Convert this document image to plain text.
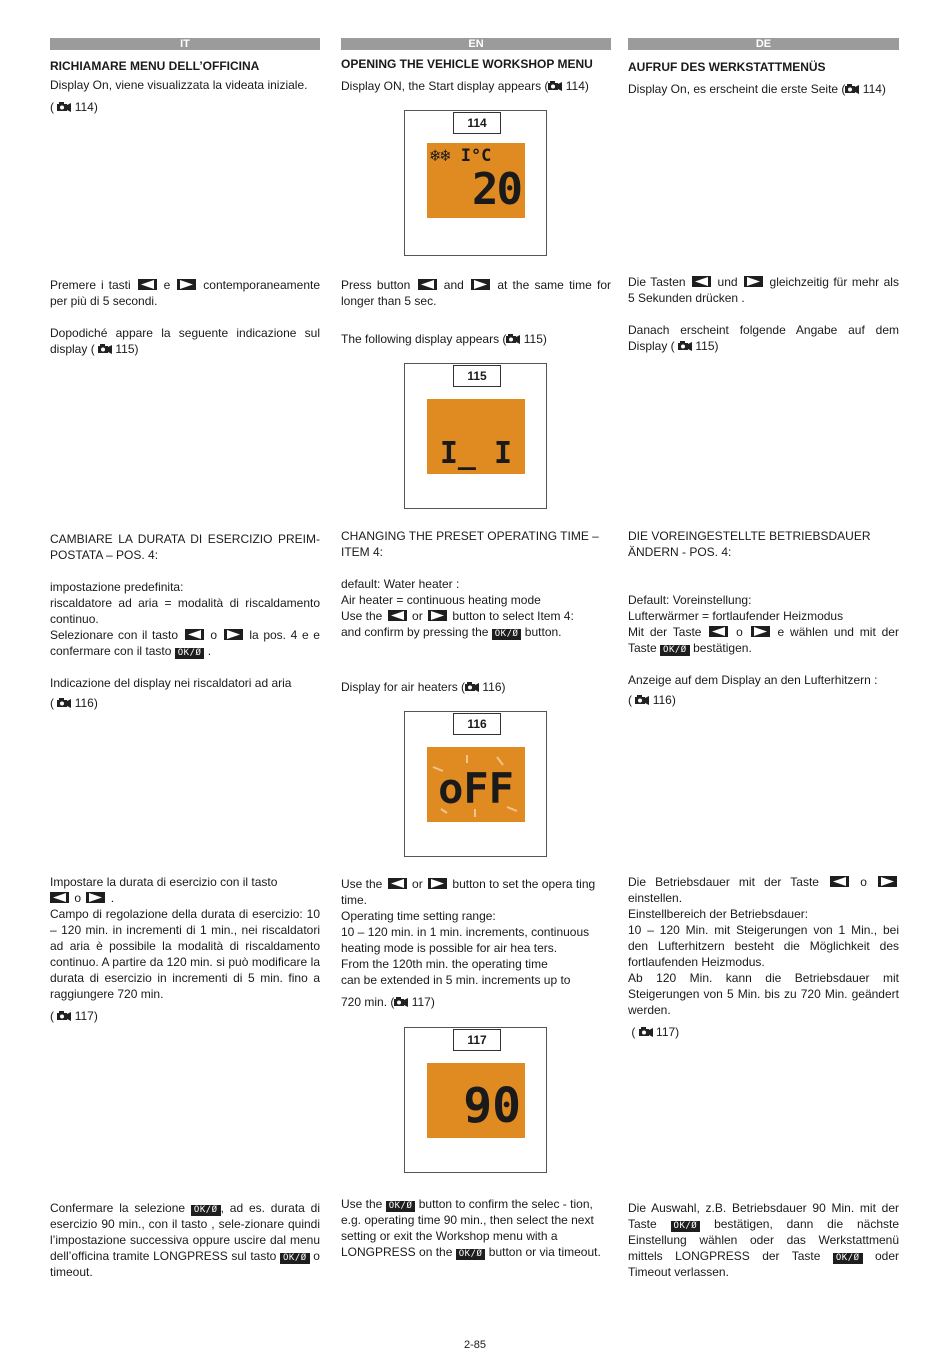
IT

RICHIAMARE MENU DELL’OFFICINA

Display On, viene visualizzata la videata iniziale.

( 114)

Premere i tasti	e	contemporaneamente per più di 5 secondi.

Dopodiché appare la seguente indicazione sul display ( 115)

CAMBIARE LA DURATA DI ESERCIZIO PREIM-POSTATA – POS. 4:

impostazione predefinita:

riscaldatore ad aria = modalità di riscaldamento continuo.

Selezionare con il tasto	o	la pos. 4 e e confermare con il tasto OK/Ø .

Indicazione del display nei riscaldatori ad aria

( 116)

Impostare la durata di esercizio con il tasto

o .

Campo di regolazione della durata di esercizio: 10 – 120 min. in incrementi di 1 min., nei riscaldatori ad aria è possibile la modalità di riscaldamento continuo. A partire da 120 min. si può modificare la durata di esercizio in incrementi di 5 min. fino a raggiungere 720 min.

( 117)

Confermare la selezione OK/Ø , ad es. durata di esercizio 90 min., con il tasto , sele-zionare quindi l’impostazione successiva oppure uscire dal menu dell’officina tramite LONGPRESS sul tasto OK/Ø o timeout.

EN

OPENING THE VEHICLE WORKSHOP MENU

Display ON, the Start display appears ( 114)

114
❄❄ I°C
20

Press button	and	at the same time for longer than 5 sec.

The following display appears ( 115)

115
I_ I

CHANGING THE PRESET OPERATING TIME – ITEM 4:

default: Water heater :

Air heater = continuous heating mode

Use the or button to select Item 4:

and confirm by pressing the OK/Ø button.

Display for air heaters ( 116)

116
oFF

Use the or button to set the opera ting time.

Operating time setting range:

10 – 120 min. in 1 min. increments, continuous heating mode is possible for air hea ters.

From the 120th min. the operating time

can be extended in 5 min. increments up to

720 min. ( 117)

117
90

Use the OK/Ø button to confirm the selec - tion, e.g. operating time 90 min., then select the next setting or exit the Workshop menu with a LONGPRESS on the OK/Ø button or via timeout.

DE

AUFRUF DES WERKSTATTMENÜS

Display On, es erscheint die erste Seite ( 114)

Die Tasten	und	gleichzeitig für mehr als 5 Sekunden drücken .

Danach erscheint folgende Angabe auf dem Display ( 115)

DIE VOREINGESTELLTE BETRIEBSDAUER ÄNDERN - POS. 4:

Default: Voreinstellung:

Lufterwärmer = fortlaufender Heizmodus

Mit der Taste	o	e wählen und mit der Taste OK/Ø bestätigen.

Anzeige auf dem Display an den Lufterhitzern :

( 116)

Die Betriebsdauer mit der Taste	o
einstellen.

Einstellbereich der Betriebsdauer:

10 – 120 Min. mit Steigerungen von 1 Min., bei den Lufterhitzern besteht die Möglichkeit des fortlaufenden Heizmodus.

Ab 120 Min. kann die Betriebsdauer mit Steigerungen von 5 Min. bis zu 720 Min. geändert werden.

( 117)

Die Auswahl, z.B. Betriebsdauer 90 Min. mit der Taste OK/Ø bestätigen, dann die nächste Einstellung wählen oder das Werkstattmenü mittels LONGPRESS der Taste OK/Ø oder Timeout verlassen.

2-85
